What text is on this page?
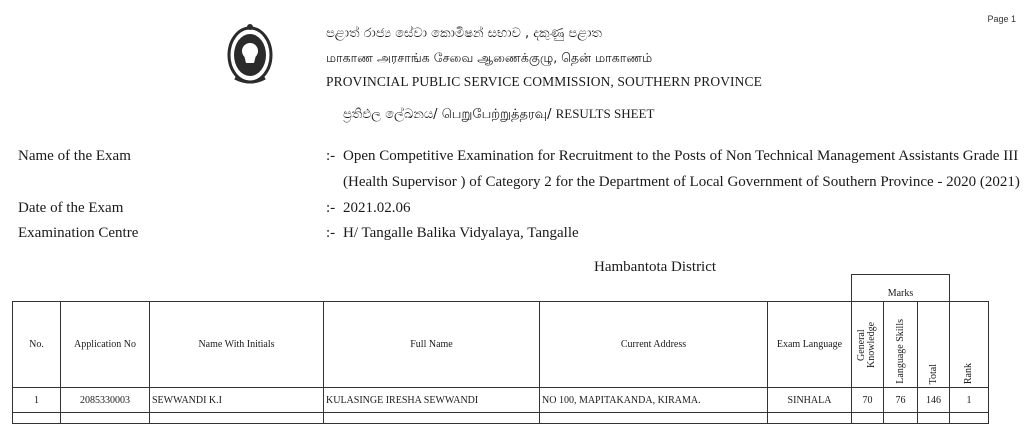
Page 1
පළාත් රාජ්‍ය සේවා කොමිෂන් සභාව , දකුණු පළාත
மாகாண அரசாங்க சேவை ஆணைக்குழு, தென் மாகாணம்
PROVINCIAL PUBLIC SERVICE COMMISSION, SOUTHERN PROVINCE
ප්‍රතිඵල ලේඛනය/ பெறுபேற்றுத்தரவு/ RESULTS SHEET
Name of the Exam	:- Open Competitive Examination for Recruitment to the Posts of Non Technical Management Assistants Grade III
(Health Supervisor ) of Category 2 for the Department of Local Government of Southern Province - 2020 (2021)
Date of the Exam	:- 2021.02.06
Examination Centre	:- H/ Tangalle Balika Vidyalaya, Tangalle
Hambantota District
						Marks			
No.	Application No	Name With Initials	Full Name	Current Address	Exam Language	General Knowledge	Language Skills	Total	Rank
1	2085330003	SEWWANDI K.I	KULASINGE IRESHA SEWWANDI	NO 100, MAPITAKANDA, KIRAMA.	SINHALA	70	76	146	1
